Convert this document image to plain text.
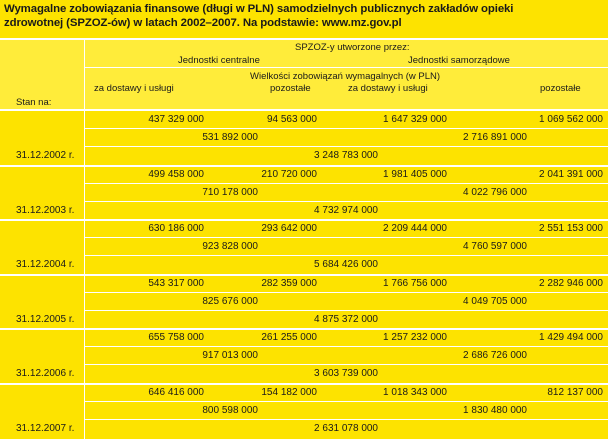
Wymagalne zobowiązania finansowe (długi w PLN) samodzielnych publicznych zakładów opieki
zdrowotnej (SPZOZ-ów) w latach 2002–2007. Na podstawie: www.mz.gov.pl
SPZOZ-y utworzone przez:
Jednostki centralne	Jednostki samorządowe
Wielkości zobowiązań wymagalnych (w PLN)
za dostawy i usługi	pozostałe	za dostawy i usługi	pozostałe
Stan na:
437 329 000	94 563 000	1 647 329 000	1 069 562 000
531 892 000	2 716 891 000
3 248 783 000
31.12.2002 r.
499 458 000	210 720 000	1 981 405 000	2 041 391 000
710 178 000	4 022 796 000
4 732 974 000
31.12.2003 r.
630 186 000	293 642 000	2 209 444 000	2 551 153 000
923 828 000	4 760 597 000
5 684 426 000
31.12.2004 r.
543 317 000	282 359 000	1 766 756 000	2 282 946 000
825 676 000	4 049 705 000
4 875 372 000
31.12.2005 r.
655 758 000	261 255 000	1 257 232 000	1 429 494 000
917 013 000	2 686 726 000
3 603 739 000
31.12.2006 r.
646 416 000	154 182 000	1 018 343 000	812 137 000
800 598 000	1 830 480 000
2 631 078 000
31.12.2007 r.
